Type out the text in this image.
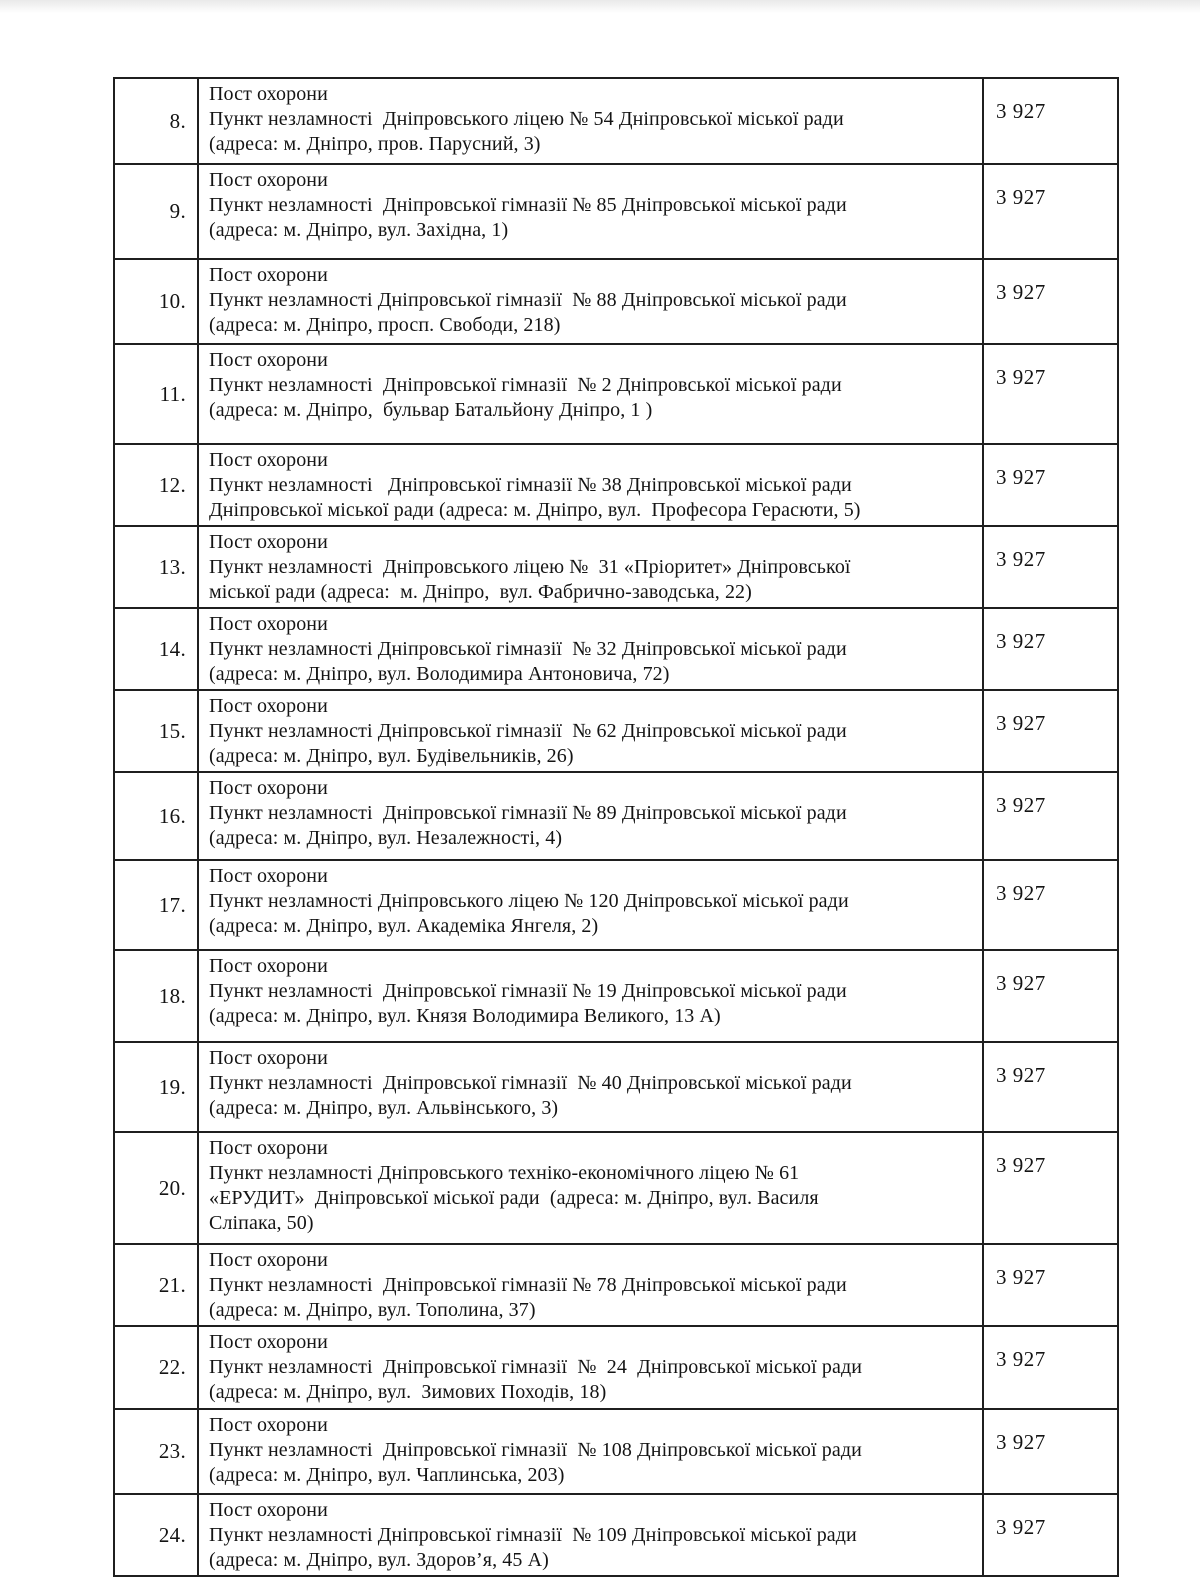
8.	Пост охорони
Пункт незламності  Дніпровського ліцею № 54 Дніпровської міської ради
(адреса: м. Дніпро, пров. Парусний, 3)	3 927
9.	Пост охорони
Пункт незламності  Дніпровської гімназії № 85 Дніпровської міської ради
(адреса: м. Дніпро, вул. Західна, 1)	3 927
10.	Пост охорони
Пункт незламності Дніпровської гімназії  № 88 Дніпровської міської ради
(адреса: м. Дніпро, просп. Свободи, 218)	3 927
11.	Пост охорони
Пункт незламності  Дніпровської гімназії  № 2 Дніпровської міської ради
(адреса: м. Дніпро,  бульвар Батальйону Дніпро, 1 )	3 927
12.	Пост охорони
Пункт незламності   Дніпровської гімназії № 38 Дніпровської міської ради
Дніпровської міської ради (адреса: м. Дніпро, вул.  Професора Герасюти, 5)	3 927
13.	Пост охорони
Пункт незламності  Дніпровського ліцею №  31 «Пріоритет» Дніпровської
міської ради (адреса:  м. Дніпро,  вул. Фабрично-заводська, 22)	3 927
14.	Пост охорони
Пункт незламності Дніпровської гімназії  № 32 Дніпровської міської ради
(адреса: м. Дніпро, вул. Володимира Антоновича, 72)	3 927
15.	Пост охорони
Пункт незламності Дніпровської гімназії  № 62 Дніпровської міської ради
(адреса: м. Дніпро, вул. Будівельників, 26)	3 927
16.	Пост охорони
Пункт незламності  Дніпровської гімназії № 89 Дніпровської міської ради
(адреса: м. Дніпро, вул. Незалежності, 4)	3 927
17.	Пост охорони
Пункт незламності Дніпровського ліцею № 120 Дніпровської міської ради
(адреса: м. Дніпро, вул. Академіка Янгеля, 2)	3 927
18.	Пост охорони
Пункт незламності  Дніпровської гімназії № 19 Дніпровської міської ради
(адреса: м. Дніпро, вул. Князя Володимира Великого, 13 А)	3 927
19.	Пост охорони
Пункт незламності  Дніпровської гімназії  № 40 Дніпровської міської ради
(адреса: м. Дніпро, вул. Альвінського, 3)	3 927
20.	Пост охорони
Пункт незламності Дніпровського техніко-економічного ліцею № 61
«ЕРУДИТ»  Дніпровської міської ради  (адреса: м. Дніпро, вул. Василя
Сліпака, 50)	3 927
21.	Пост охорони
Пункт незламності  Дніпровської гімназії № 78 Дніпровської міської ради
(адреса: м. Дніпро, вул. Тополина, 37)	3 927
22.	Пост охорони
Пункт незламності  Дніпровської гімназії  №  24  Дніпровської міської ради
(адреса: м. Дніпро, вул.  Зимових Походів, 18)	3 927
23.	Пост охорони
Пункт незламності  Дніпровської гімназії  № 108 Дніпровської міської ради
(адреса: м. Дніпро, вул. Чаплинська, 203)	3 927
24.	Пост охорони
Пункт незламності Дніпровської гімназії  № 109 Дніпровської міської ради
(адреса: м. Дніпро, вул. Здоров’я, 45 А)	3 927
